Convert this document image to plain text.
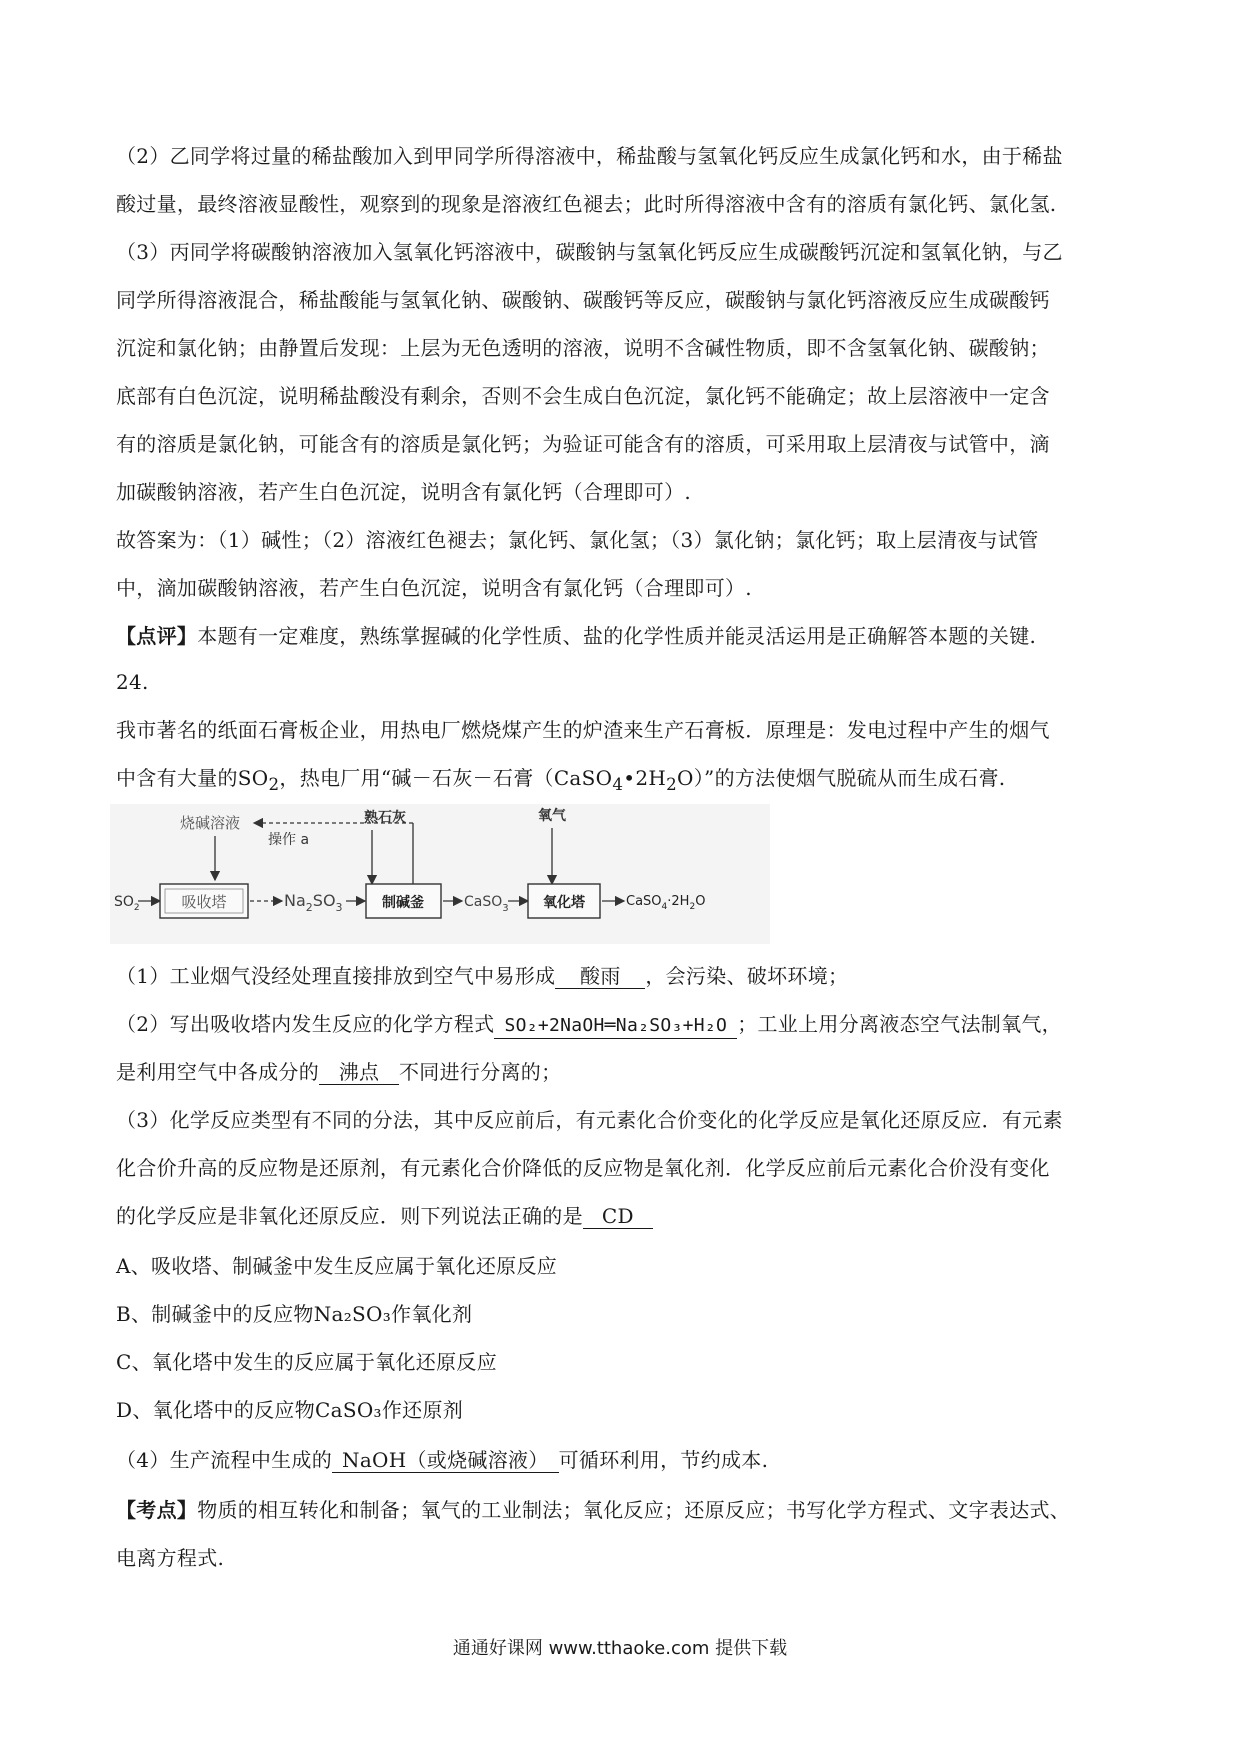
（2）乙同学将过量的稀盐酸加入到甲同学所得溶液中，稀盐酸与氢氧化钙反应生成氯化钙和水，由于稀盐
酸过量，最终溶液显酸性，观察到的现象是溶液红色褪去；此时所得溶液中含有的溶质有氯化钙、氯化氢.
（3）丙同学将碳酸钠溶液加入氢氧化钙溶液中，碳酸钠与氢氧化钙反应生成碳酸钙沉淀和氢氧化钠，与乙
同学所得溶液混合，稀盐酸能与氢氧化钠、碳酸钠、碳酸钙等反应，碳酸钠与氯化钙溶液反应生成碳酸钙
沉淀和氯化钠；由静置后发现：上层为无色透明的溶液，说明不含碱性物质，即不含氢氧化钠、碳酸钠；
底部有白色沉淀，说明稀盐酸没有剩余，否则不会生成白色沉淀，氯化钙不能确定；故上层溶液中一定含
有的溶质是氯化钠，可能含有的溶质是氯化钙；为验证可能含有的溶质，可采用取上层清夜与试管中，滴
加碳酸钠溶液，若产生白色沉淀，说明含有氯化钙（合理即可）.
故答案为：（1）碱性；（2）溶液红色褪去；氯化钙、氯化氢；（3）氯化钠；氯化钙；取上层清夜与试管
中，滴加碳酸钠溶液，若产生白色沉淀，说明含有氯化钙（合理即可）.
【点评】本题有一定难度，熟练掌握碱的化学性质、盐的化学性质并能灵活运用是正确解答本题的关键.
24.
我市著名的纸面石膏板企业，用热电厂燃烧煤产生的炉渣来生产石膏板．原理是：发电过程中产生的烟气
中含有大量的$SO_2$，热电厂用“碱－石灰－石膏$(CaSO_4•2H_2O)$”的方法使烟气脱硫从而生成石膏.
烧碱溶液
操作 a
$SO_2$	吸收塔	$Na_2SO_3$
熟石灰
制碱釜	CaSO$_3$
氧气
氧化塔	$CaSO_4\cdot 2H_2O$
（1）工业烟气没经处理直接排放到空气中易形成 酸雨 ，会污染、破坏环境；
（2）写出吸收塔内发生反应的化学方程式 SO₂+2NaOH═Na₂SO₃+H₂O ；工业上用分离液态空气法制氧气，
是利用空气中各成分的 沸点 不同进行分离的；
（3）化学反应类型有不同的分法，其中反应前后，有元素化合价变化的化学反应是氧化还原反应．有元素
化合价升高的反应物是还原剂，有元素化合价降低的反应物是氧化剂．化学反应前后元素化合价没有变化
的化学反应是非氧化还原反应．则下列说法正确的是 CD
A、吸收塔、制碱釜中发生反应属于氧化还原反应
B、制碱釜中的反应物Na₂SO₃作氧化剂
C、氧化塔中发生的反应属于氧化还原反应
D、氧化塔中的反应物CaSO₃作还原剂
（4）生产流程中生成的 NaOH（或烧碱溶液） 可循环利用，节约成本.
【考点】物质的相互转化和制备；氧气的工业制法；氧化反应；还原反应；书写化学方程式、文字表达式、
电离方程式.
通通好课网 www.tthaoke.com 提供下载
